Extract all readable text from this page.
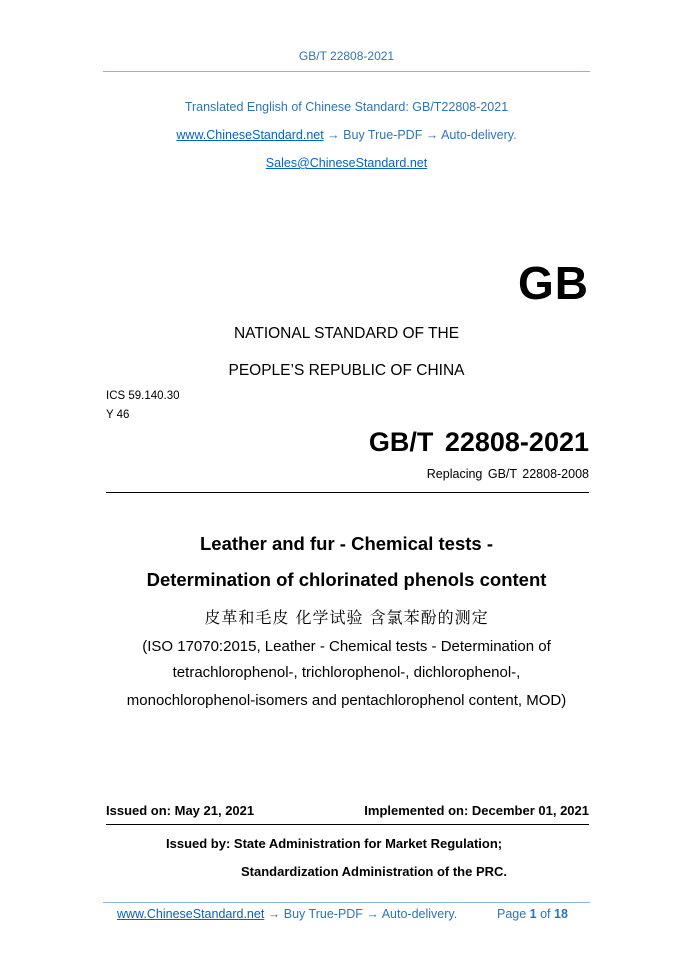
GB/T 22808-2021
Translated English of Chinese Standard: GB/T22808-2021
www.ChineseStandard.net → Buy True-PDF → Auto-delivery.
Sales@ChineseStandard.net
GB
NATIONAL STANDARD OF THE
PEOPLE’S REPUBLIC OF CHINA
ICS 59.140.30
Y 46
GB/T 22808-2021
Replacing GB/T 22808-2008
Leather and fur - Chemical tests -
Determination of chlorinated phenols content
皮革和毛皮 化学试验 含氯苯酚的测定
(ISO 17070:2015, Leather - Chemical tests - Determination of
tetrachlorophenol-, trichlorophenol-, dichlorophenol-,
monochlorophenol-isomers and pentachlorophenol content, MOD)
Issued on: May 21, 2021	Implemented on: December 01, 2021
Issued by: State Administration for Market Regulation;
Standardization Administration of the PRC.
www.ChineseStandard.net → Buy True-PDF → Auto-delivery.	Page 1 of 18
